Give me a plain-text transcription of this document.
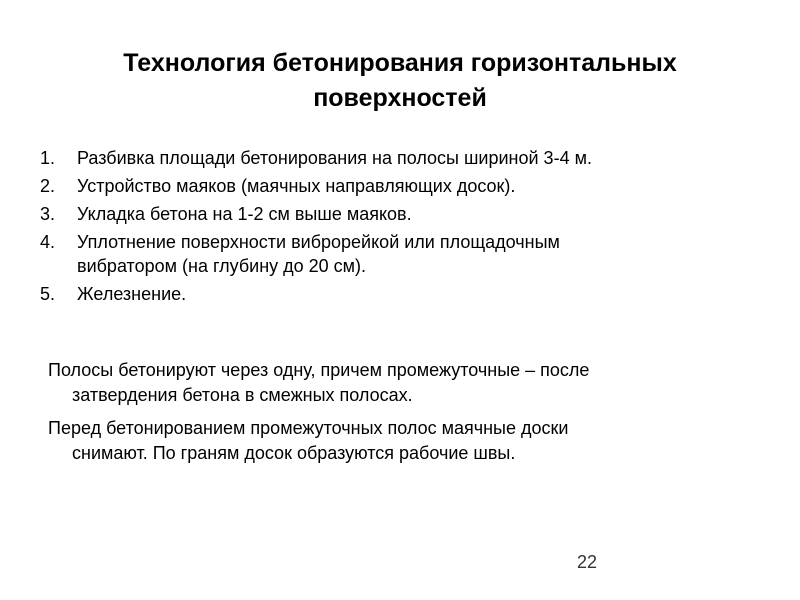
Технология бетонирования горизонтальных
поверхностей
1. Разбивка площади бетонирования на полосы шириной 3-4 м.
2. Устройство маяков (маячных направляющих досок).
3. Укладка бетона на 1-2 см выше маяков.
4. Уплотнение поверхности виброрейкой или площадочным
вибратором (на глубину до 20 см).
5. Железнение.

Полосы бетонируют через одну, причем промежуточные – после
затвердения бетона в смежных полосах.

Перед бетонированием промежуточных полос маячные доски
снимают. По граням досок образуются рабочие швы.

22
